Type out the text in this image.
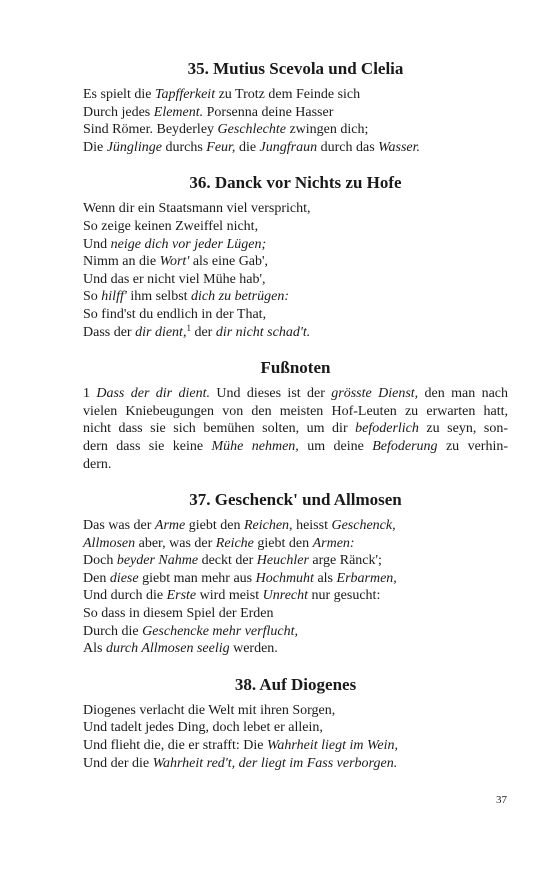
35. Mutius Scevola und Clelia
Es spielt die Tapfferkeit zu Trotz dem Feinde sich
Durch jedes Element. Porsenna deine Hasser
Sind Römer. Beyderley Geschlechte zwingen dich;
Die Jünglinge durchs Feur, die Jungfraun durch das Wasser.
36. Danck vor Nichts zu Hofe
Wenn dir ein Staatsmann viel verspricht,
So zeige keinen Zweiffel nicht,
Und neige dich vor jeder Lügen;
Nimm an die Wort' als eine Gab',
Und das er nicht viel Mühe hab',
So hilff' ihm selbst dich zu betrügen:
So find'st du endlich in der That,
Dass der dir dient,$^1$ der dir nicht schad't.
Fußnoten
1 Dass der dir dient. Und dieses ist der grösste Dienst, den man nach
vielen Kniebeugungen von den meisten Hof-Leuten zu erwarten hatt,
nicht dass sie sich bemühen solten, um dir befoderlich zu seyn, son-
dern dass sie keine Mühe nehmen, um deine Befoderung zu verhin-
dern.
37. Geschenck' und Allmosen
Das was der Arme giebt den Reichen, heisst Geschenck,
Allmosen aber, was der Reiche giebt den Armen:
Doch beyder Nahme deckt der Heuchler arge Ränck';
Den diese giebt man mehr aus Hochmuht als Erbarmen,
Und durch die Erste wird meist Unrecht nur gesucht:
So dass in diesem Spiel der Erden
Durch die Geschencke mehr verflucht,
Als durch Allmosen seelig werden.
38. Auf Diogenes
Diogenes verlacht die Welt mit ihren Sorgen,
Und tadelt jedes Ding, doch lebet er allein,
Und flieht die, die er strafft: Die Wahrheit liegt im Wein,
Und der die Wahrheit red't, der liegt im Fass verborgen.
37
